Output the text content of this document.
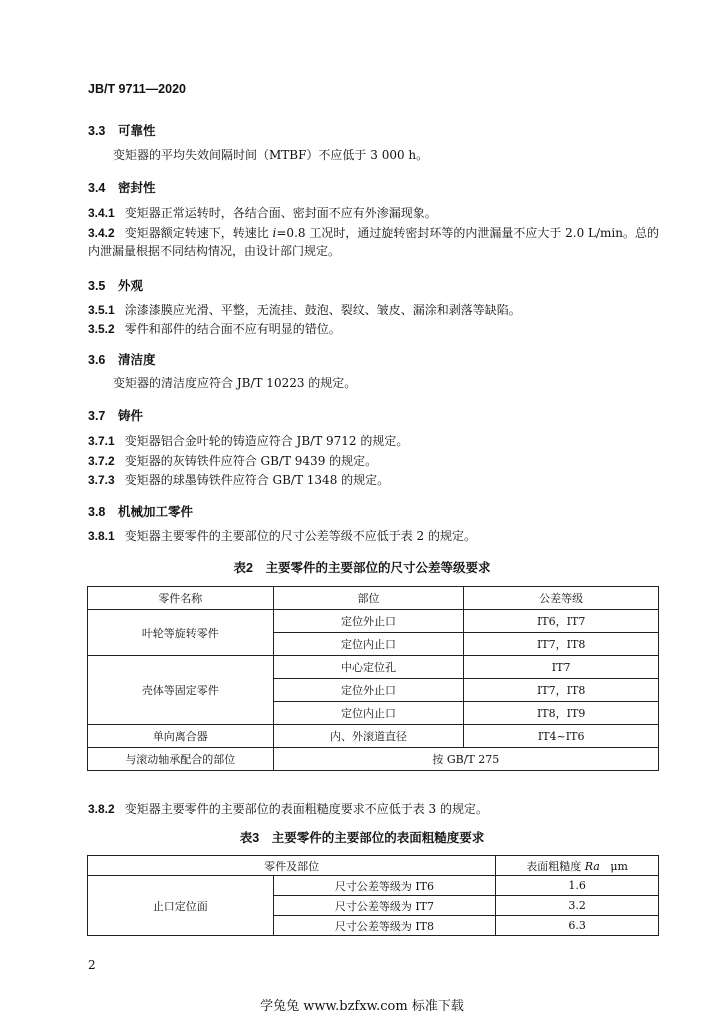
JB/T 9711—2020
3.3 可靠性
变矩器的平均失效间隔时间（MTBF）不应低于 3 000 h。
3.4 密封性
3.4.1 变矩器正常运转时，各结合面、密封面不应有外渗漏现象。
3.4.2 变矩器额定转速下，转速比 i=0.8 工况时，通过旋转密封环等的内泄漏量不应大于 2.0 L/min。总的内泄漏量根据不同结构情况，由设计部门规定。
3.5 外观
3.5.1 涂漆漆膜应光滑、平整，无流挂、鼓泡、裂纹、皱皮、漏涂和剥落等缺陷。
3.5.2 零件和部件的结合面不应有明显的错位。
3.6 清洁度
变矩器的清洁度应符合 JB/T 10223 的规定。
3.7 铸件
3.7.1 变矩器铝合金叶轮的铸造应符合 JB/T 9712 的规定。
3.7.2 变矩器的灰铸铁件应符合 GB/T 9439 的规定。
3.7.3 变矩器的球墨铸铁件应符合 GB/T 1348 的规定。
3.8 机械加工零件
3.8.1 变矩器主要零件的主要部位的尺寸公差等级不应低于表 2 的规定。
表2　主要零件的主要部位的尺寸公差等级要求
零件名称	部位	公差等级
叶轮等旋转零件	定位外止口	IT6，IT7
	定位内止口	IT7，IT8
壳体等固定零件	中心定位孔	IT7
	定位外止口	IT7，IT8
	定位内止口	IT8，IT9
单向离合器	内、外滚道直径	IT4~IT6
与滚动轴承配合的部位	按 GB/T 275	
3.8.2 变矩器主要零件的主要部位的表面粗糙度要求不应低于表 3 的规定。
表3　主要零件的主要部位的表面粗糙度要求
零件及部位		表面粗糙度 Ra μm
止口定位面	尺寸公差等级为 IT6	1.6
	尺寸公差等级为 IT7	3.2
	尺寸公差等级为 IT8	6.3
2
学兔兔 www.bzfxw.com 标准下载
